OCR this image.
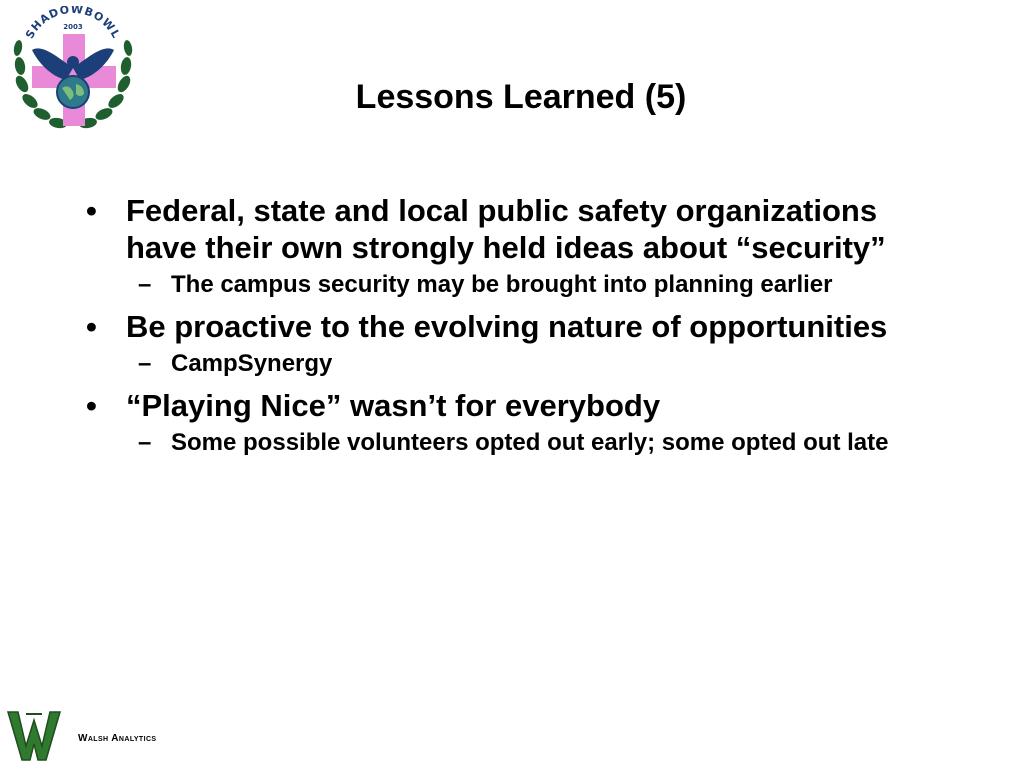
SHADOWBOWL
2003
Lessons Learned (5)
• Federal, state and local public safety organizations have their own strongly held ideas about “security”
– The campus security may be brought into planning earlier
• Be proactive to the evolving nature of opportunities
– CampSynergy
• “Playing Nice” wasn’t for everybody
– Some possible volunteers opted out early; some opted out late
Walsh Analytics
